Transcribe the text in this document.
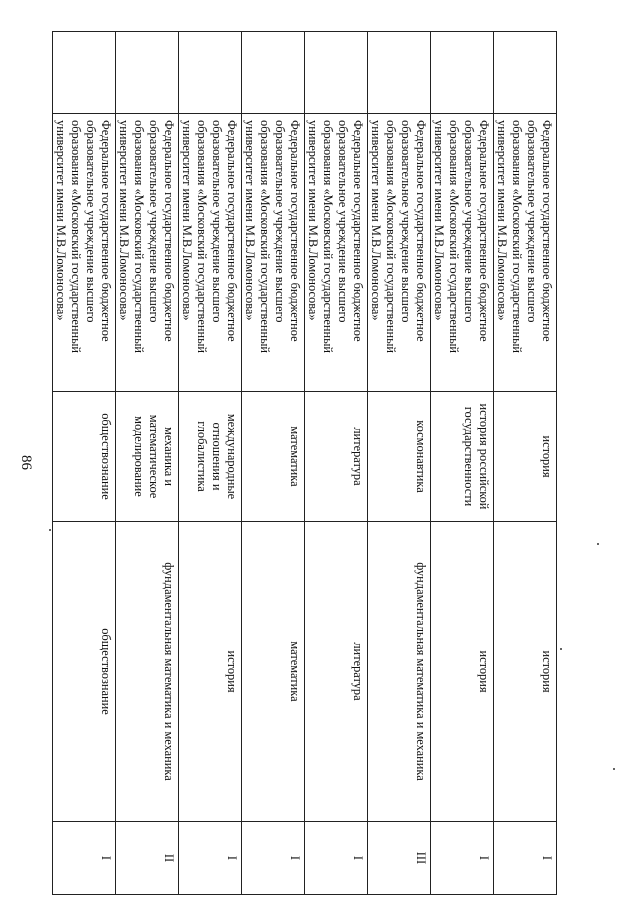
86
	Федеральное государственное бюджетное образовательное учреждение высшего образования «Московский государственный университет имени М.В.Ломоносова»	история	история	I
	Федеральное государственное бюджетное образовательное учреждение высшего образования «Московский государственный университет имени М.В.Ломоносова»	история российской государственности	история	I
	Федеральное государственное бюджетное образовательное учреждение высшего образования «Московский государственный университет имени М.В.Ломоносова»	космонавтика	фундаментальная математика и механика	III
	Федеральное государственное бюджетное образовательное учреждение высшего образования «Московский государственный университет имени М.В.Ломоносова»	литература	литература	I
	Федеральное государственное бюджетное образовательное учреждение высшего образования «Московский государственный университет имени М.В.Ломоносова»	математика	математика	I
	Федеральное государственное бюджетное образовательное учреждение высшего образования «Московский государственный университет имени М.В.Ломоносова»	международные отношения и глобалистика	история	I
	Федеральное государственное бюджетное образовательное учреждение высшего образования «Московский государственный университет имени М.В.Ломоносова»	механика и математическое моделирование	фундаментальная математика и механика	II
	Федеральное государственное бюджетное образовательное учреждение высшего образования «Московский государственный университет имени М.В.Ломоносова»	обществознание	обществознание	I
